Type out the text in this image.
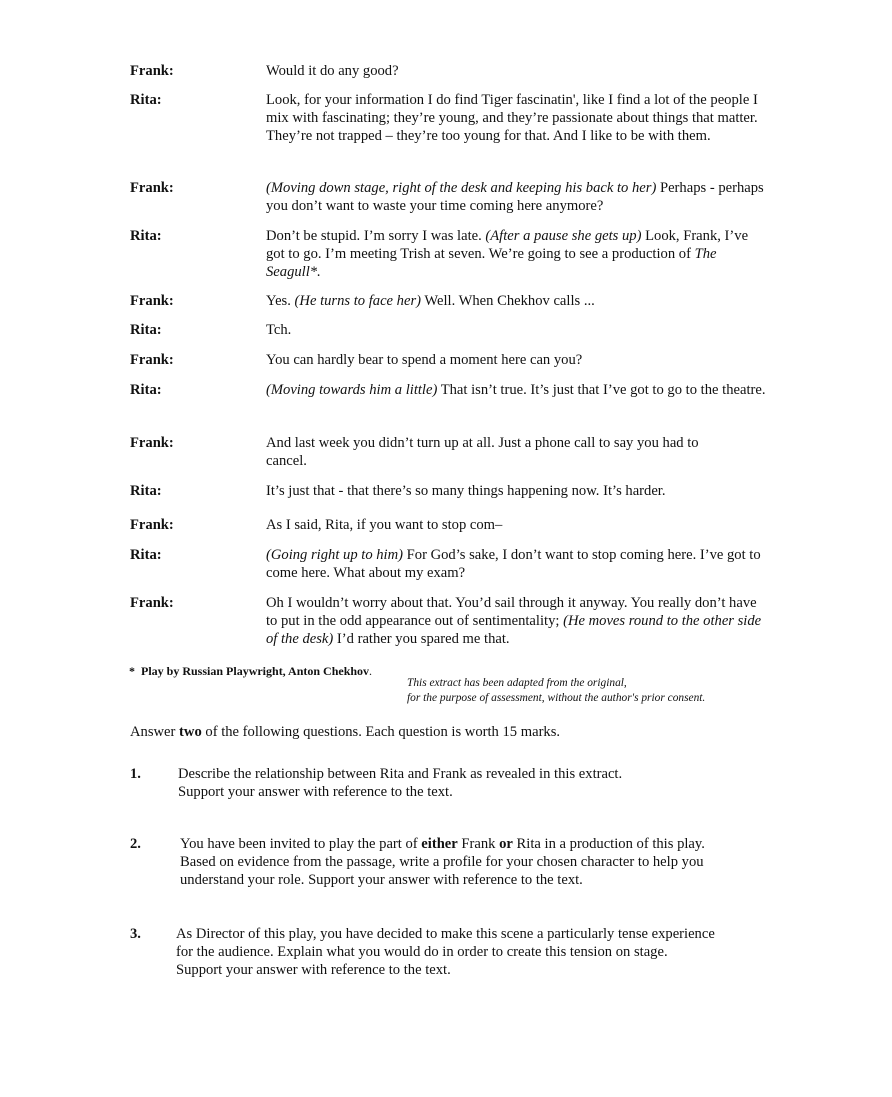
Frank:	Would it do any good?
Rita:	Look, for your information I do find Tiger fascinatin', like I find a lot of the people I mix with fascinating; they’re young, and they’re passionate about things that matter. They’re not trapped – they’re too young for that. And I like to be with them.
Frank:	(Moving down stage, right of the desk and keeping his back to her) Perhaps - perhaps you don’t want to waste your time coming here anymore?
Rita:	Don’t be stupid. I’m sorry I was late. (After a pause she gets up) Look, Frank, I’ve got to go. I’m meeting Trish at seven. We’re going to see a production of The Seagull*.
Frank:	Yes. (He turns to face her) Well. When Chekhov calls ...
Rita:	Tch.
Frank:	You can hardly bear to spend a moment here can you?
Rita:	(Moving towards him a little) That isn’t true. It’s just that I’ve got to go to the theatre.
Frank:	And last week you didn’t turn up at all. Just a phone call to say you had to cancel.
Rita:	It’s just that - that there’s so many things happening now. It’s harder.
Frank:	As I said, Rita, if you want to stop com–
Rita:	(Going right up to him) For God’s sake, I don’t want to stop coming here. I’ve got to come here. What about my exam?
Frank:	Oh I wouldn’t worry about that. You’d sail through it anyway. You really don’t have to put in the odd appearance out of sentimentality; (He moves round to the other side of the desk) I’d rather you spared me that.
* Play by Russian Playwright, Anton Chekhov.
This extract has been adapted from the original,
for the purpose of assessment, without the author's prior consent.
Answer two of the following questions. Each question is worth 15 marks.
1.	Describe the relationship between Rita and Frank as revealed in this extract.
Support your answer with reference to the text.
2.	You have been invited to play the part of either Frank or Rita in a production of this play.
Based on evidence from the passage, write a profile for your chosen character to help you
understand your role. Support your answer with reference to the text.
3. As Director of this play, you have decided to make this scene a particularly tense experience
for the audience. Explain what you would do in order to create this tension on stage.
Support your answer with reference to the text.
